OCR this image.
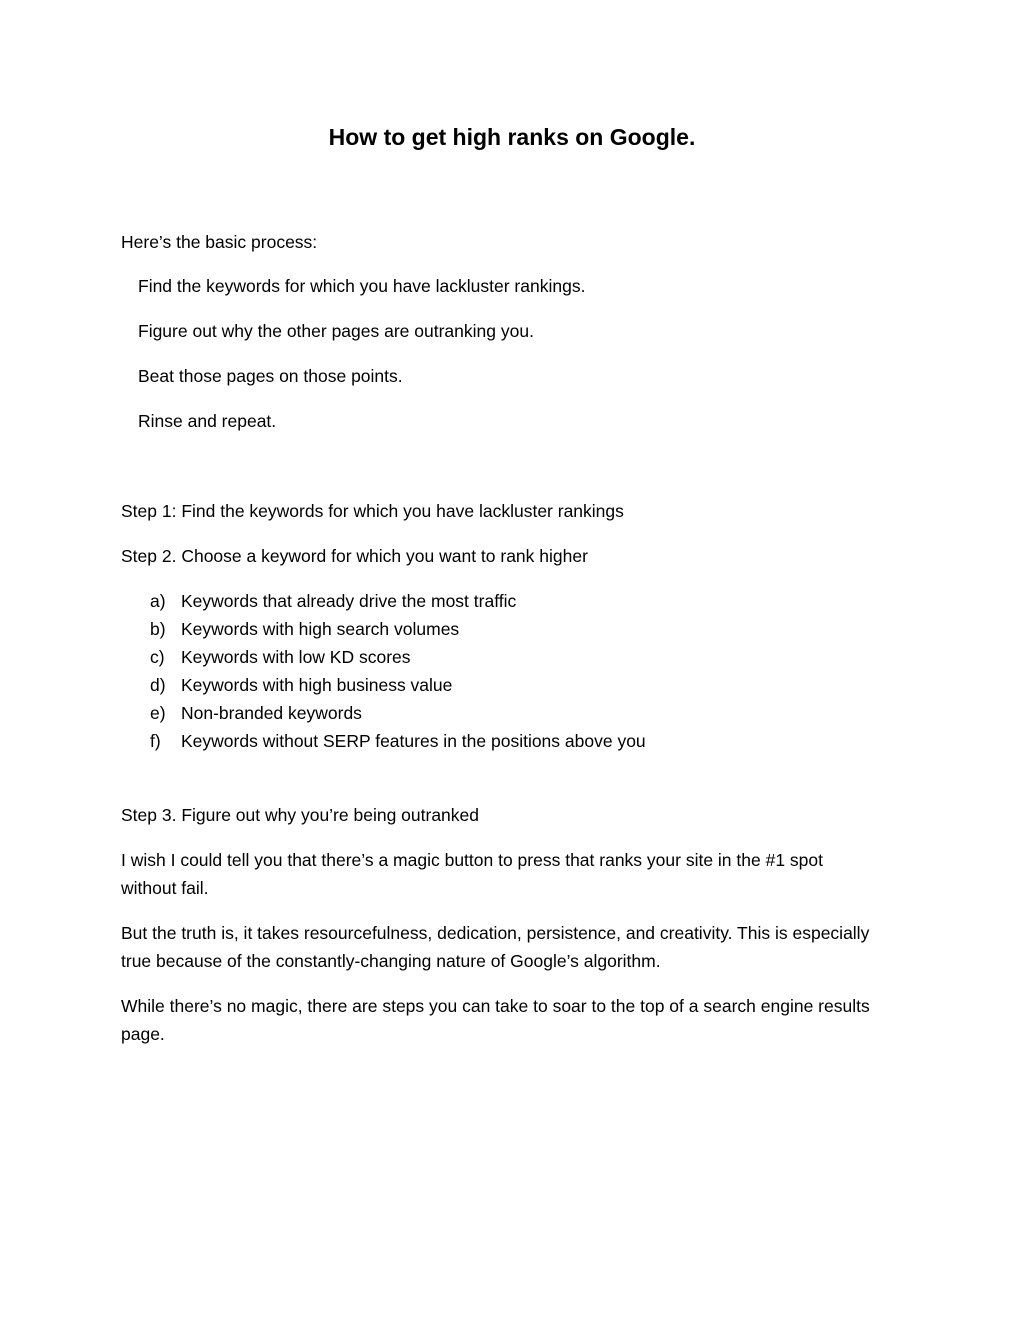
How to get high ranks on Google.
Here’s the basic process:
Find the keywords for which you have lackluster rankings.
Figure out why the other pages are outranking you.
Beat those pages on those points.
Rinse and repeat.
Step 1: Find the keywords for which you have lackluster rankings
Step 2. Choose a keyword for which you want to rank higher
a) Keywords that already drive the most traffic
b) Keywords with high search volumes
c) Keywords with low KD scores
d) Keywords with high business value
e) Non-branded keywords
f) Keywords without SERP features in the positions above you
Step 3. Figure out why you’re being outranked
I wish I could tell you that there’s a magic button to press that ranks your site in the #1 spot without fail.
But the truth is, it takes resourcefulness, dedication, persistence, and creativity. This is especially true because of the constantly-changing nature of Google’s algorithm.
While there’s no magic, there are steps you can take to soar to the top of a search engine results page.
